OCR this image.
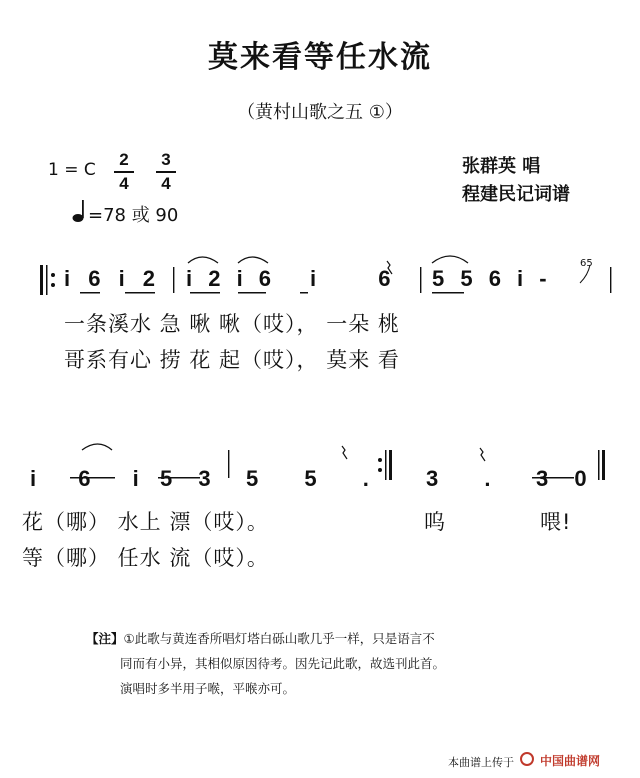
莫来看等任水流
（黄村山歌之五 ①）
1 = C
2
4
3
4
=78 或 90
张群英 唱
程建民记词谱
i 6 i 2 i 2 i 6 i 6 5 5 6 i -
65
一条溪水 急 啾 啾（哎）， 一朵 桃
哥系有心 捞 花 起（哎）， 莫来 看
i 6 i 5 3 5 5 . 3 . 3 0
花（哪） 水上 漂（哎）。	呜	喂!
等（哪） 任水 流（哎）。
【注】①此歌与黄连香所唱灯塔白砾山歌几乎一样，只是语言不
同而有小异，其相似原因待考。因先记此歌，故选刊此首。
演唱时多半用子喉，平喉亦可。
本曲谱上传于 中国曲谱网
